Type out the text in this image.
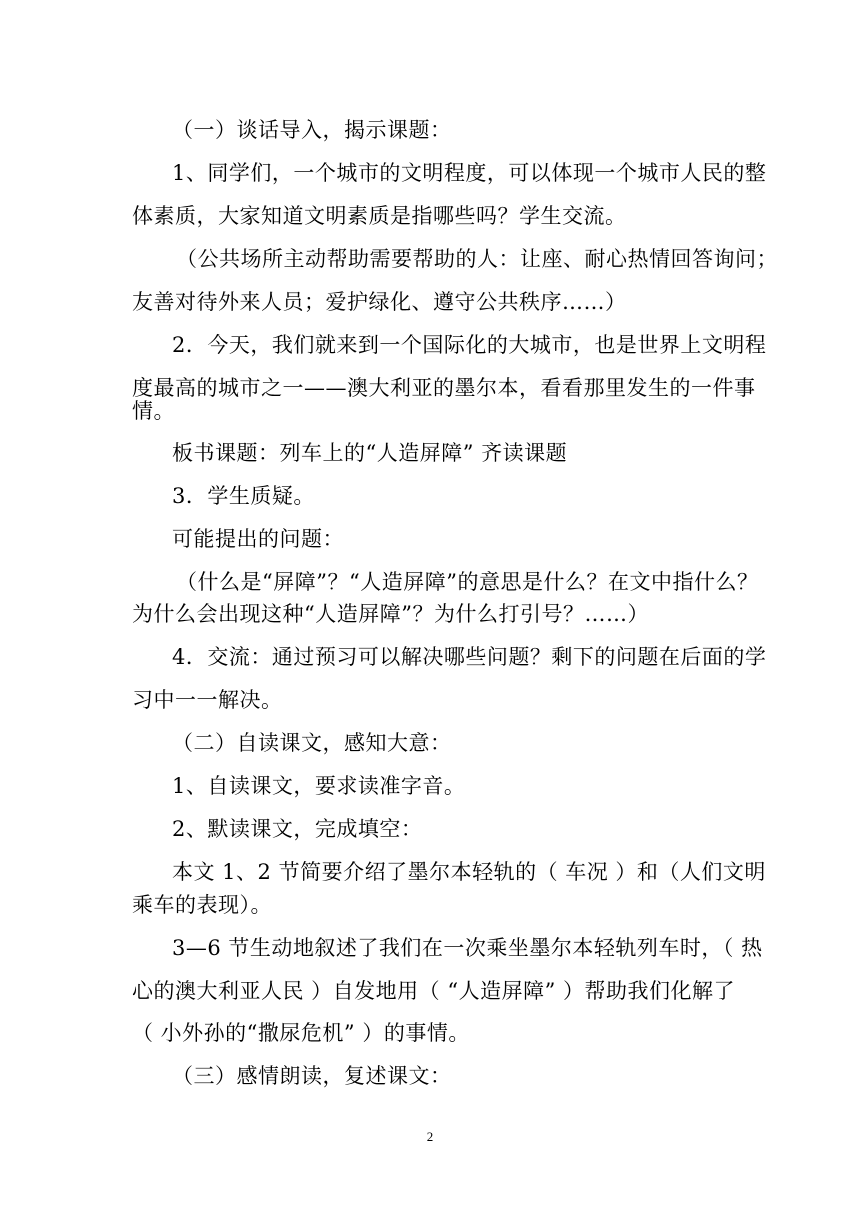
（一）谈话导入，揭示课题：
1、同学们，一个城市的文明程度，可以体现一个城市人民的整
体素质，大家知道文明素质是指哪些吗？学生交流。
（公共场所主动帮助需要帮助的人：让座、耐心热情回答询问；
友善对待外来人员；爱护绿化、遵守公共秩序……）
2．今天，我们就来到一个国际化的大城市，也是世界上文明程
度最高的城市之一——澳大利亚的墨尔本，看看那里发生的一件事
情。
板书课题：列车上的“人造屏障” 齐读课题
3．学生质疑。
可能提出的问题：
（什么是“屏障”？“人造屏障”的意思是什么？在文中指什么？
为什么会出现这种“人造屏障”？为什么打引号？……）
4．交流：通过预习可以解决哪些问题？剩下的问题在后面的学
习中一一解决。
（二）自读课文，感知大意：
1、自读课文，要求读准字音。
2、默读课文，完成填空：
本文 1、2 节简要介绍了墨尔本轻轨的（ 车况 ）和（人们文明
乘车的表现）。
3—6 节生动地叙述了我们在一次乘坐墨尔本轻轨列车时，（ 热
心的澳大利亚人民 ）自发地用（ “人造屏障” ）帮助我们化解了
（ 小外孙的“撒尿危机” ）的事情。
（三）感情朗读，复述课文：
2
